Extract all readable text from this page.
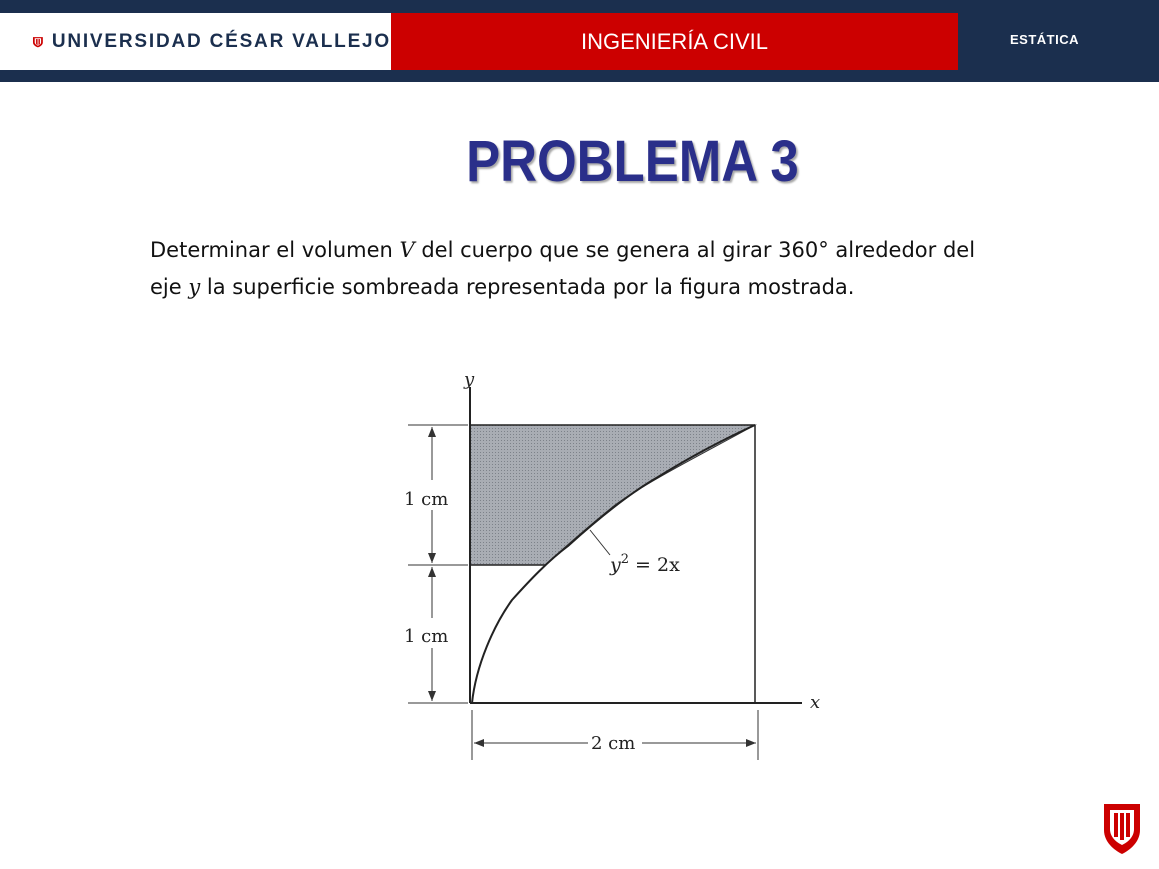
UNIVERSIDAD CÉSAR VALLEJO	INGENIERÍA CIVIL	ESTÁTICA
PROBLEMA 3
Determinar el volumen V del cuerpo que se genera al girar 360° alrededor del eje y la superficie sombreada representada por la figura mostrada.
y
x
1 cm
1 cm
2 cm
$y^2 = 2x$
